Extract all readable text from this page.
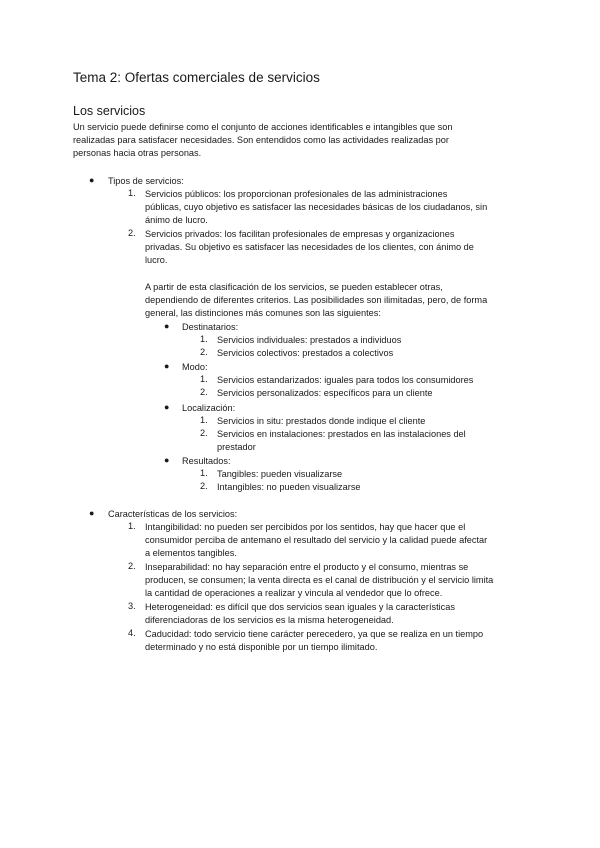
Tema 2: Ofertas comerciales de servicios
Los servicios
Un servicio puede definirse como el conjunto de acciones identificables e intangibles que son
realizadas para satisfacer necesidades. Son entendidos como las actividades realizadas por
personas hacia otras personas.
● Tipos de servicios:
1. Servicios públicos: los proporcionan profesionales de las administraciones
públicas, cuyo objetivo es satisfacer las necesidades básicas de los ciudadanos, sin
ánimo de lucro.
2. Servicios privados: los facilitan profesionales de empresas y organizaciones
privadas. Su objetivo es satisfacer las necesidades de los clientes, con ánimo de
lucro.
A partir de esta clasificación de los servicios, se pueden establecer otras,
dependiendo de diferentes criterios. Las posibilidades son ilimitadas, pero, de forma
general, las distinciones más comunes son las siguientes:
● Destinatarios:
1. Servicios individuales: prestados a individuos
2. Servicios colectivos: prestados a colectivos
● Modo:
1. Servicios estandarizados: iguales para todos los consumidores
2. Servicios personalizados: específicos para un cliente
● Localización:
1. Servicios in situ: prestados donde indique el cliente
2. Servicios en instalaciones: prestados en las instalaciones del
prestador
● Resultados:
1. Tangibles: pueden visualizarse
2. Intangibles: no pueden visualizarse
● Características de los servicios:
1. Intangibilidad: no pueden ser percibidos por los sentidos, hay que hacer que el
consumidor perciba de antemano el resultado del servicio y la calidad puede afectar
a elementos tangibles.
2. Inseparabilidad: no hay separación entre el producto y el consumo, mientras se
producen, se consumen; la venta directa es el canal de distribución y el servicio limita
la cantidad de operaciones a realizar y vincula al vendedor que lo ofrece.
3. Heterogeneidad: es difícil que dos servicios sean iguales y la características
diferenciadoras de los servicios es la misma heterogeneidad.
4. Caducidad: todo servicio tiene carácter perecedero, ya que se realiza en un tiempo
determinado y no está disponible por un tiempo ilimitado.
